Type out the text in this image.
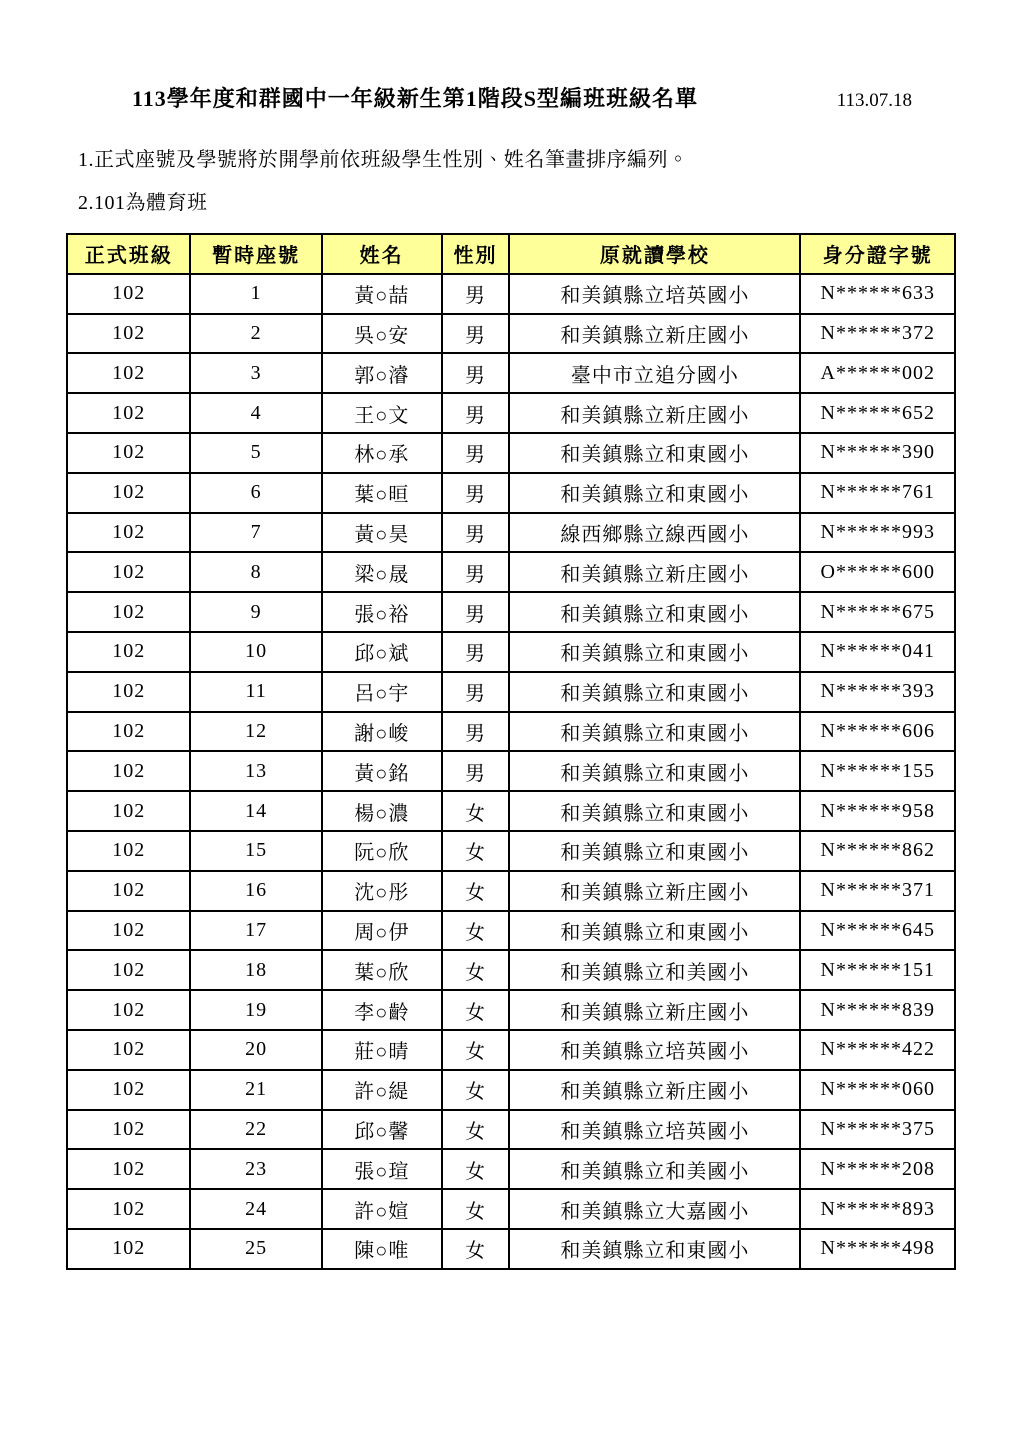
113學年度和群國中一年級新生第1階段S型編班班級名單	113.07.18
1.正式座號及學號將於開學前依班級學生性別、姓名筆畫排序編列。
2.101為體育班
正式班級	暫時座號	姓名	性別	原就讀學校	身分證字號
102	1	黃○喆	男	和美鎮縣立培英國小	N******633
102	2	吳○安	男	和美鎮縣立新庄國小	N******372
102	3	郭○濬	男	臺中市立追分國小	A******002
102	4	王○文	男	和美鎮縣立新庄國小	N******652
102	5	林○承	男	和美鎮縣立和東國小	N******390
102	6	葉○晅	男	和美鎮縣立和東國小	N******761
102	7	黃○昊	男	線西鄉縣立線西國小	N******993
102	8	梁○晟	男	和美鎮縣立新庄國小	O******600
102	9	張○裕	男	和美鎮縣立和東國小	N******675
102	10	邱○斌	男	和美鎮縣立和東國小	N******041
102	11	呂○宇	男	和美鎮縣立和東國小	N******393
102	12	謝○峻	男	和美鎮縣立和東國小	N******606
102	13	黃○銘	男	和美鎮縣立和東國小	N******155
102	14	楊○濃	女	和美鎮縣立和東國小	N******958
102	15	阮○欣	女	和美鎮縣立和東國小	N******862
102	16	沈○彤	女	和美鎮縣立新庄國小	N******371
102	17	周○伊	女	和美鎮縣立和東國小	N******645
102	18	葉○欣	女	和美鎮縣立和美國小	N******151
102	19	李○齡	女	和美鎮縣立新庄國小	N******839
102	20	莊○晴	女	和美鎮縣立培英國小	N******422
102	21	許○緹	女	和美鎮縣立新庄國小	N******060
102	22	邱○馨	女	和美鎮縣立培英國小	N******375
102	23	張○瑄	女	和美鎮縣立和美國小	N******208
102	24	許○媗	女	和美鎮縣立大嘉國小	N******893
102	25	陳○唯	女	和美鎮縣立和東國小	N******498
